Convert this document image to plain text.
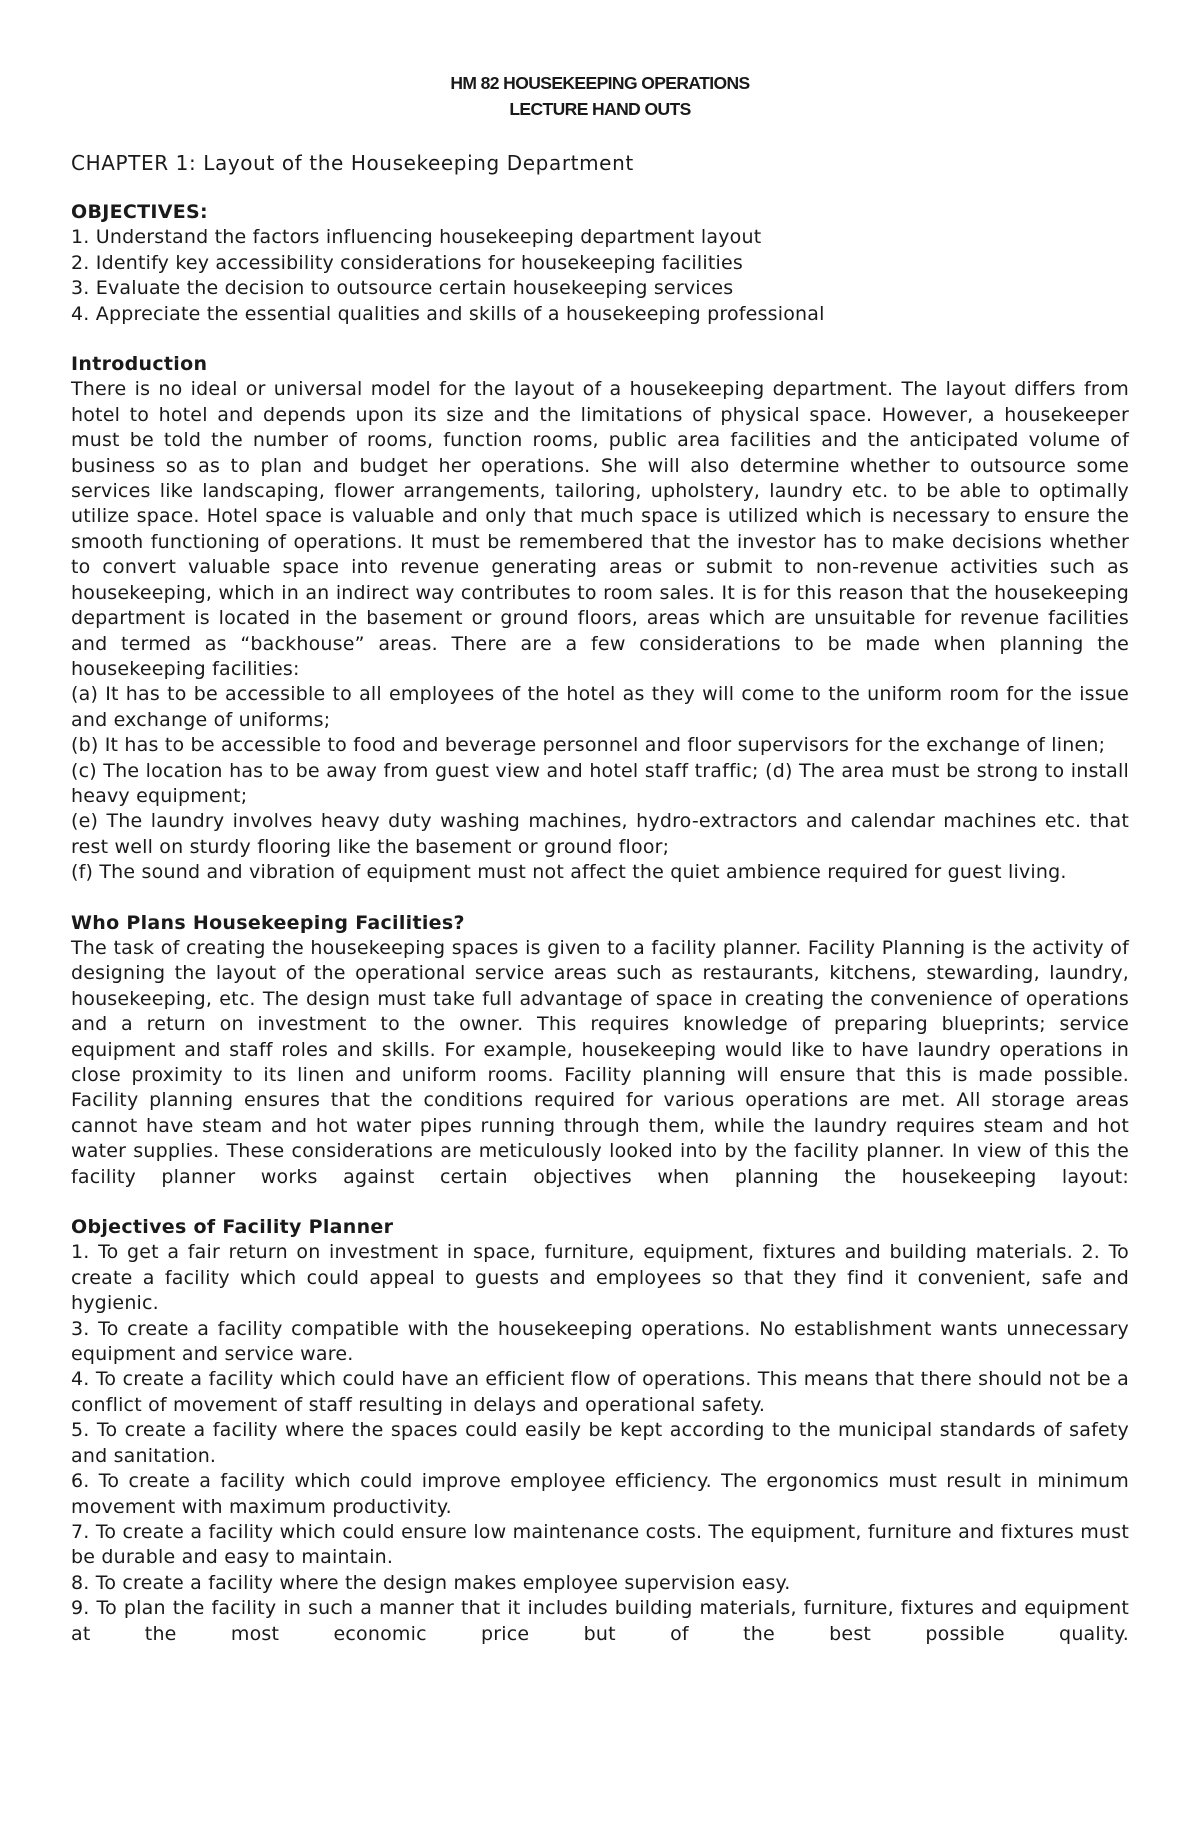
HM 82 HOUSEKEEPING OPERATIONS
LECTURE HAND OUTS
CHAPTER 1: Layout of the Housekeeping Department
OBJECTIVES:
1. Understand the factors influencing housekeeping department layout
2. Identify key accessibility considerations for housekeeping facilities
3. Evaluate the decision to outsource certain housekeeping services
4. Appreciate the essential qualities and skills of a housekeeping professional
Introduction

There is no ideal or universal model for the layout of a housekeeping department. The layout differs from hotel to hotel and depends upon its size and the limitations of physical space. However, a housekeeper must be told the number of rooms, function rooms, public area facilities and the anticipated volume of business so as to plan and budget her operations. She will also determine whether to outsource some services like landscaping, flower arrangements, tailoring, upholstery, laundry etc. to be able to optimally utilize space. Hotel space is valuable and only that much space is utilized which is necessary to ensure the smooth functioning of operations. It must be remembered that the investor has to make decisions whether to convert valuable space into revenue generating areas or submit to non-revenue activities such as housekeeping, which in an indirect way contributes to room sales. It is for this reason that the housekeeping department is located in the basement or ground floors, areas which are unsuitable for revenue facilities and termed as “backhouse” areas. There are a few considerations to be made when planning the housekeeping facilities:

(a) It has to be accessible to all employees of the hotel as they will come to the uniform room for the issue and exchange of uniforms;

(b) It has to be accessible to food and beverage personnel and floor supervisors for the exchange of linen;

(c) The location has to be away from guest view and hotel staff traffic; (d) The area must be strong to install heavy equipment;

(e) The laundry involves heavy duty washing machines, hydro-extractors and calendar machines etc. that rest well on sturdy flooring like the basement or ground floor;

(f) The sound and vibration of equipment must not affect the quiet ambience required for guest living.

Who Plans Housekeeping Facilities?

The task of creating the housekeeping spaces is given to a facility planner. Facility Planning is the activity of designing the layout of the operational service areas such as restaurants, kitchens, stewarding, laundry, housekeeping, etc. The design must take full advantage of space in creating the convenience of operations and a return on investment to the owner. This requires knowledge of preparing blueprints; service equipment and staff roles and skills. For example, housekeeping would like to have laundry operations in close proximity to its linen and uniform rooms. Facility planning will ensure that this is made possible. Facility planning ensures that the conditions required for various operations are met. All storage areas cannot have steam and hot water pipes running through them, while the laundry requires steam and hot water supplies. These considerations are meticulously looked into by the facility planner. In view of this the facility planner works against certain objectives when planning the housekeeping layout:

Objectives of Facility Planner

1. To get a fair return on investment in space, furniture, equipment, fixtures and building materials. 2. To create a facility which could appeal to guests and employees so that they find it convenient, safe and hygienic.

3. To create a facility compatible with the housekeeping operations. No establishment wants unnecessary equipment and service ware.

4. To create a facility which could have an efficient flow of operations. This means that there should not be a conflict of movement of staff resulting in delays and operational safety.

5. To create a facility where the spaces could easily be kept according to the municipal standards of safety and sanitation.

6. To create a facility which could improve employee efficiency. The ergonomics must result in minimum movement with maximum productivity.

7. To create a facility which could ensure low maintenance costs. The equipment, furniture and fixtures must be durable and easy to maintain.

8. To create a facility where the design makes employee supervision easy.

9. To plan the facility in such a manner that it includes building materials, furniture, fixtures and equipment at the most economic price but of the best possible quality.
